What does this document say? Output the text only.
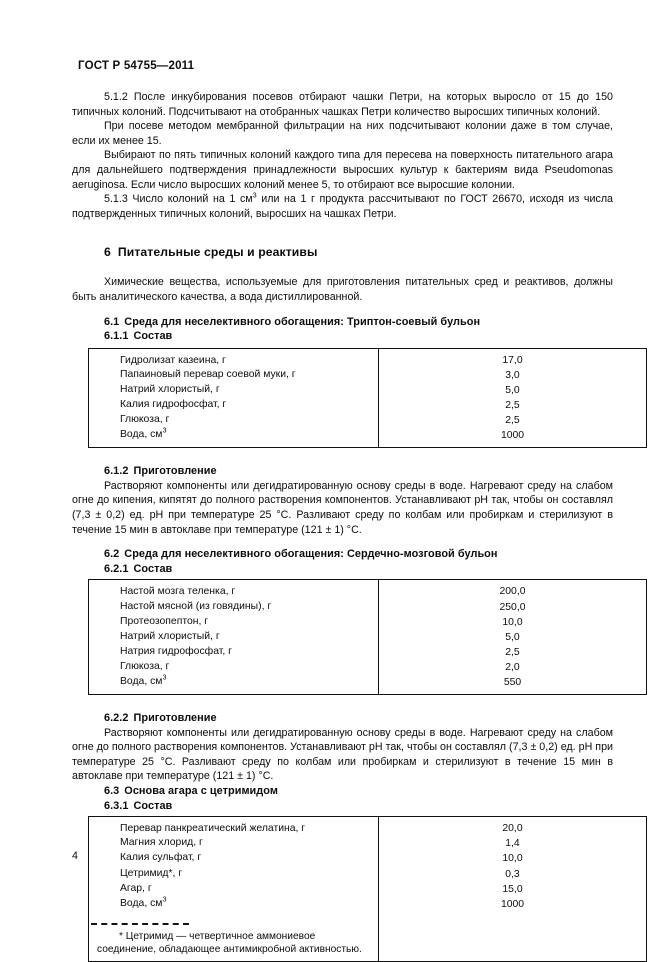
ГОСТ Р 54755—2011

5.1.2 После инкубирования посевов отбирают чашки Петри, на которых выросло от 15 до 150 типичных колоний. Подсчитывают на отобранных чашках Петри количество выросших типичных колоний.

При посеве методом мембранной фильтрации на них подсчитывают колонии даже в том случае, если их менее 15.

Выбирают по пять типичных колоний каждого типа для пересева на поверхность питательного агара для дальнейшего подтверждения принадлежности выросших культур к бактериям вида Pseudomonas aeruginosa. Если число выросших колоний менее 5, то отбирают все выросшие колонии.

5.1.3 Число колоний на 1 $см^3$ или на 1 г продукта рассчитывают по ГОСТ 26670, исходя из числа подтвержденных типичных колоний, выросших на чашках Петри.

6 Питательные среды и реактивы

Химические вещества, используемые для приготовления питательных сред и реактивов, должны быть аналитического качества, а вода дистиллированной.

6.1 Среда для неселективного обогащения: Триптон-соевый бульон
6.1.1 Состав
Гидролизат казеина, г	17,0
Папаиновый перевар соевой муки, г	3,0
Натрий хлористый, г	5,0
Калия гидрофосфат, г	2,5
Глюкоза, г	2,5
Вода, $см^3$	1000
6.1.2 Приготовление

Растворяют компоненты или дегидратированную основу среды в воде. Нагревают среду на слабом огне до кипения, кипятят до полного растворения компонентов. Устанавливают рН так, чтобы он составлял (7,3 ± 0,2) ед. рН при температуре 25 °С. Разливают среду по колбам или пробиркам и стерилизуют в течение 15 мин в автоклаве при температуре (121 ± 1) °С.

6.2 Среда для неселективного обогащения: Сердечно-мозговой бульон
6.2.1 Состав
Настой мозга теленка, г	200,0
Настой мясной (из говядины), г	250,0
Протеозопептон, г	10,0
Натрий хлористый, г	5,0
Натрия гидрофосфат, г	2,5
Глюкоза, г	2,0
Вода, $см^3$	550
6.2.2 Приготовление

Растворяют компоненты или дегидратированную основу среды в воде. Нагревают среду на слабом огне до полного растворения компонентов. Устанавливают рН так, чтобы он составлял (7,3 ± 0,2) ед. рН при температуре 25 °С. Разливают среду по колбам или пробиркам и стерилизуют в течение 15 мин в автоклаве при температуре (121 ± 1) °С.

6.3 Основа агара с цетримидом
6.3.1 Состав
Перевар панкреатический желатина, г	20,0
Магния хлорид, г	1,4
Калия сульфат, г	10,0
Цетримид*, г	0,3
Агар, г	15,0
Вода, $см^3$	1000

* Цетримид — четвертичное аммониевое соединение, обладающее антимикробной активностью.	

4
